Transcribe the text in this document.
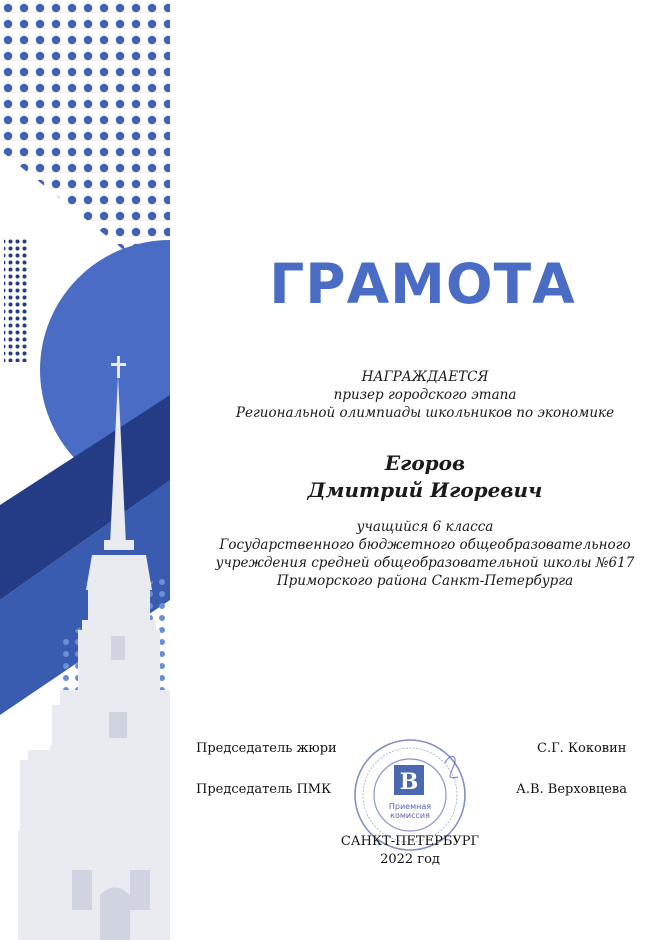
ГРАМОТА
НАГРАЖДАЕТСЯ
призер городского этапа
Региональной олимпиады школьников по экономике
Егоров
Дмитрий Игоревич
учащийся 6 класса
Государственного бюджетного общеобразовательного
учреждения средней общеобразовательной школы №617
Приморского района Санкт-Петербурга
В
Приемная
комиссия
Председатель жюри	С.Г. Коковин
Председатель ПМК	А.В. Верховцева
САНКТ-ПЕТЕРБУРГ
2022 год
